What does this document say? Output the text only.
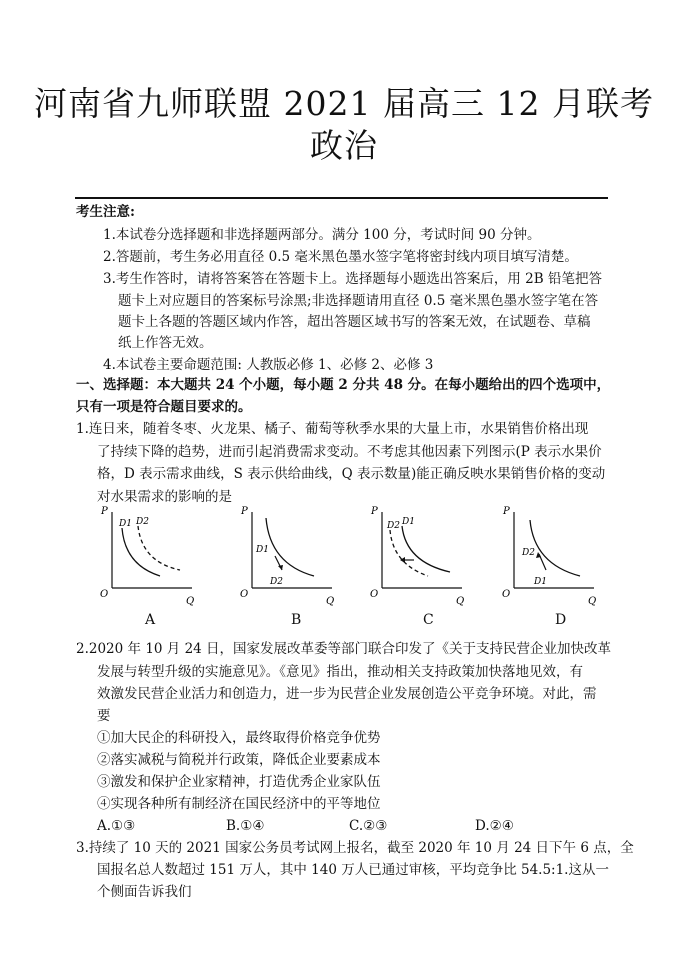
河南省九师联盟 2021 届高三 12 月联考
政治
考生注意:
1.本试卷分选择题和非选择题两部分。满分 100 分，考试时间 90 分钟。
2.答题前，考生务必用直径 0.5 毫米黑色墨水签字笔将密封线内项目填写清楚。
3.考生作答时，请将答案答在答题卡上。选择题每小题选出答案后，用 2B 铅笔把答
题卡上对应题目的答案标号涂黑;非选择题请用直径 0.5 毫米黑色墨水签字笔在答
题卡上各题的答题区域内作答，超出答题区域书写的答案无效，在试题卷、草稿
纸上作答无效。
4.本试卷主要命题范围: 人教版必修 1、必修 2、必修 3
一、选择题：本大题共 24 个小题，每小题 2 分共 48 分。在每小题给出的四个选项中，
只有一项是符合题目要求的。
1.连日来，随着冬枣、火龙果、橘子、葡萄等秋季水果的大量上市，水果销售价格出现
了持续下降的趋势，进而引起消费需求变动。不考虑其他因素下列图示(P 表示水果价
格，D 表示需求曲线，S 表示供给曲线，Q 表示数量)能正确反映水果销售价格的变动
对水果需求的影响的是
P
O
Q
D1 D2
A
P
O
Q
D1
D2
B
P
O
Q
D1
D2
C
P
O
Q
D2
D1
D
2.2020 年 10 月 24 日，国家发展改革委等部门联合印发了《关于支持民营企业加快改革
发展与转型升级的实施意见》。《意见》指出，推动相关支持政策加快落地见效，有
效激发民营企业活力和创造力，进一步为民营企业发展创造公平竞争环境。对此，需
要
①加大民企的科研投入，最终取得价格竞争优势
②落实减税与简税并行政策，降低企业要素成本
③激发和保护企业家精神，打造优秀企业家队伍
④实现各种所有制经济在国民经济中的平等地位
A.①③	B.①④	C.②③	D.②④
3.持续了 10 天的 2021 国家公务员考试网上报名，截至 2020 年 10 月 24 日下午 6 点，全
国报名总人数超过 151 万人，其中 140 万人已通过审核，平均竞争比 54.5:1.这从一
个侧面告诉我们
